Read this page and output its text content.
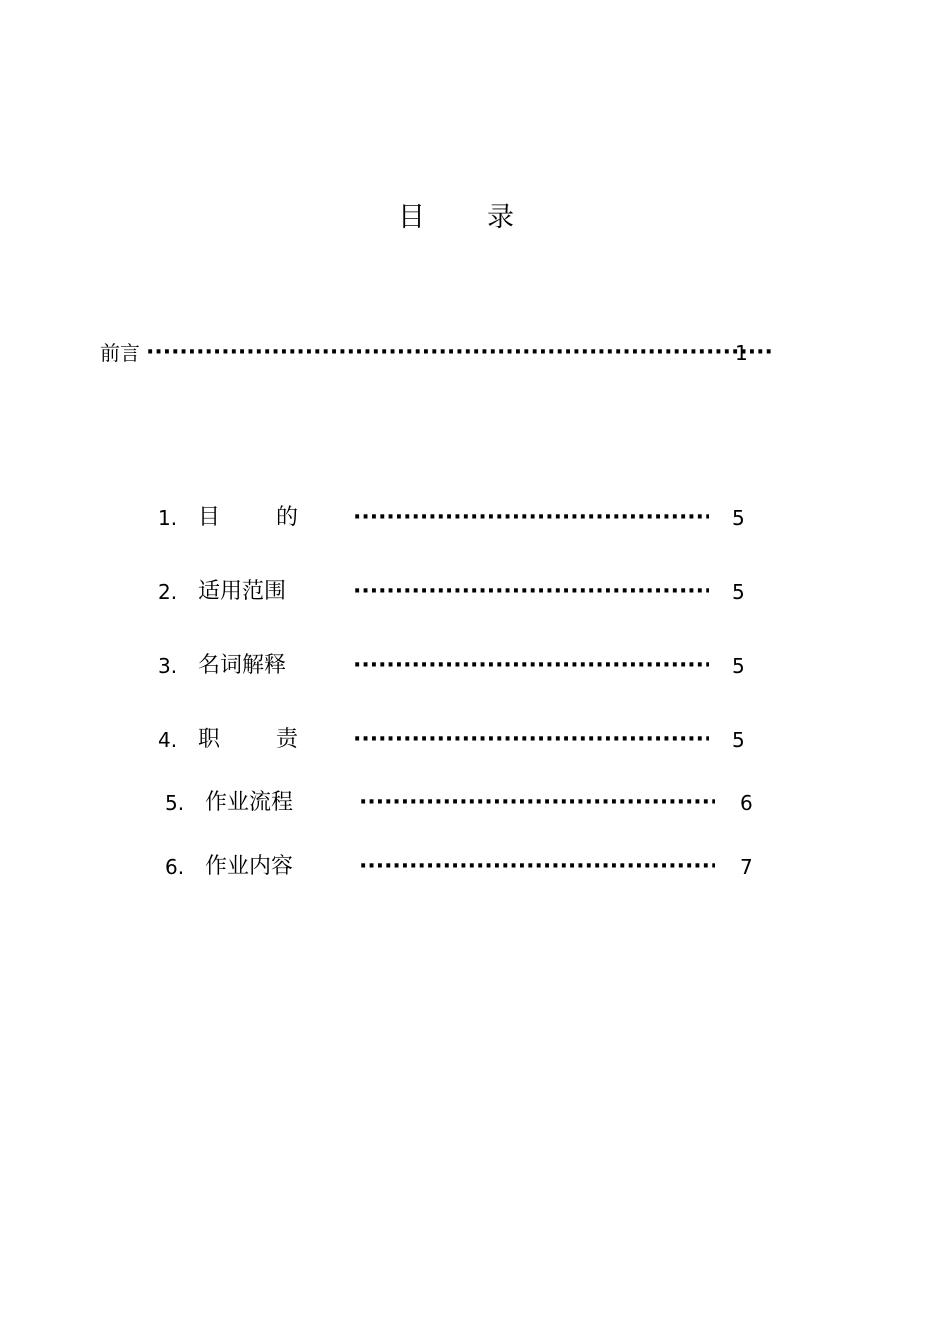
目 录
前言 ·····	1
1. 目	的 ·····	5
2. 适用范围 ·····	5
3. 名词解释 ·····	5
4. 职	责 ·····	5
5. 作业流程 ·····	6
6. 作业内容 ·····	7
